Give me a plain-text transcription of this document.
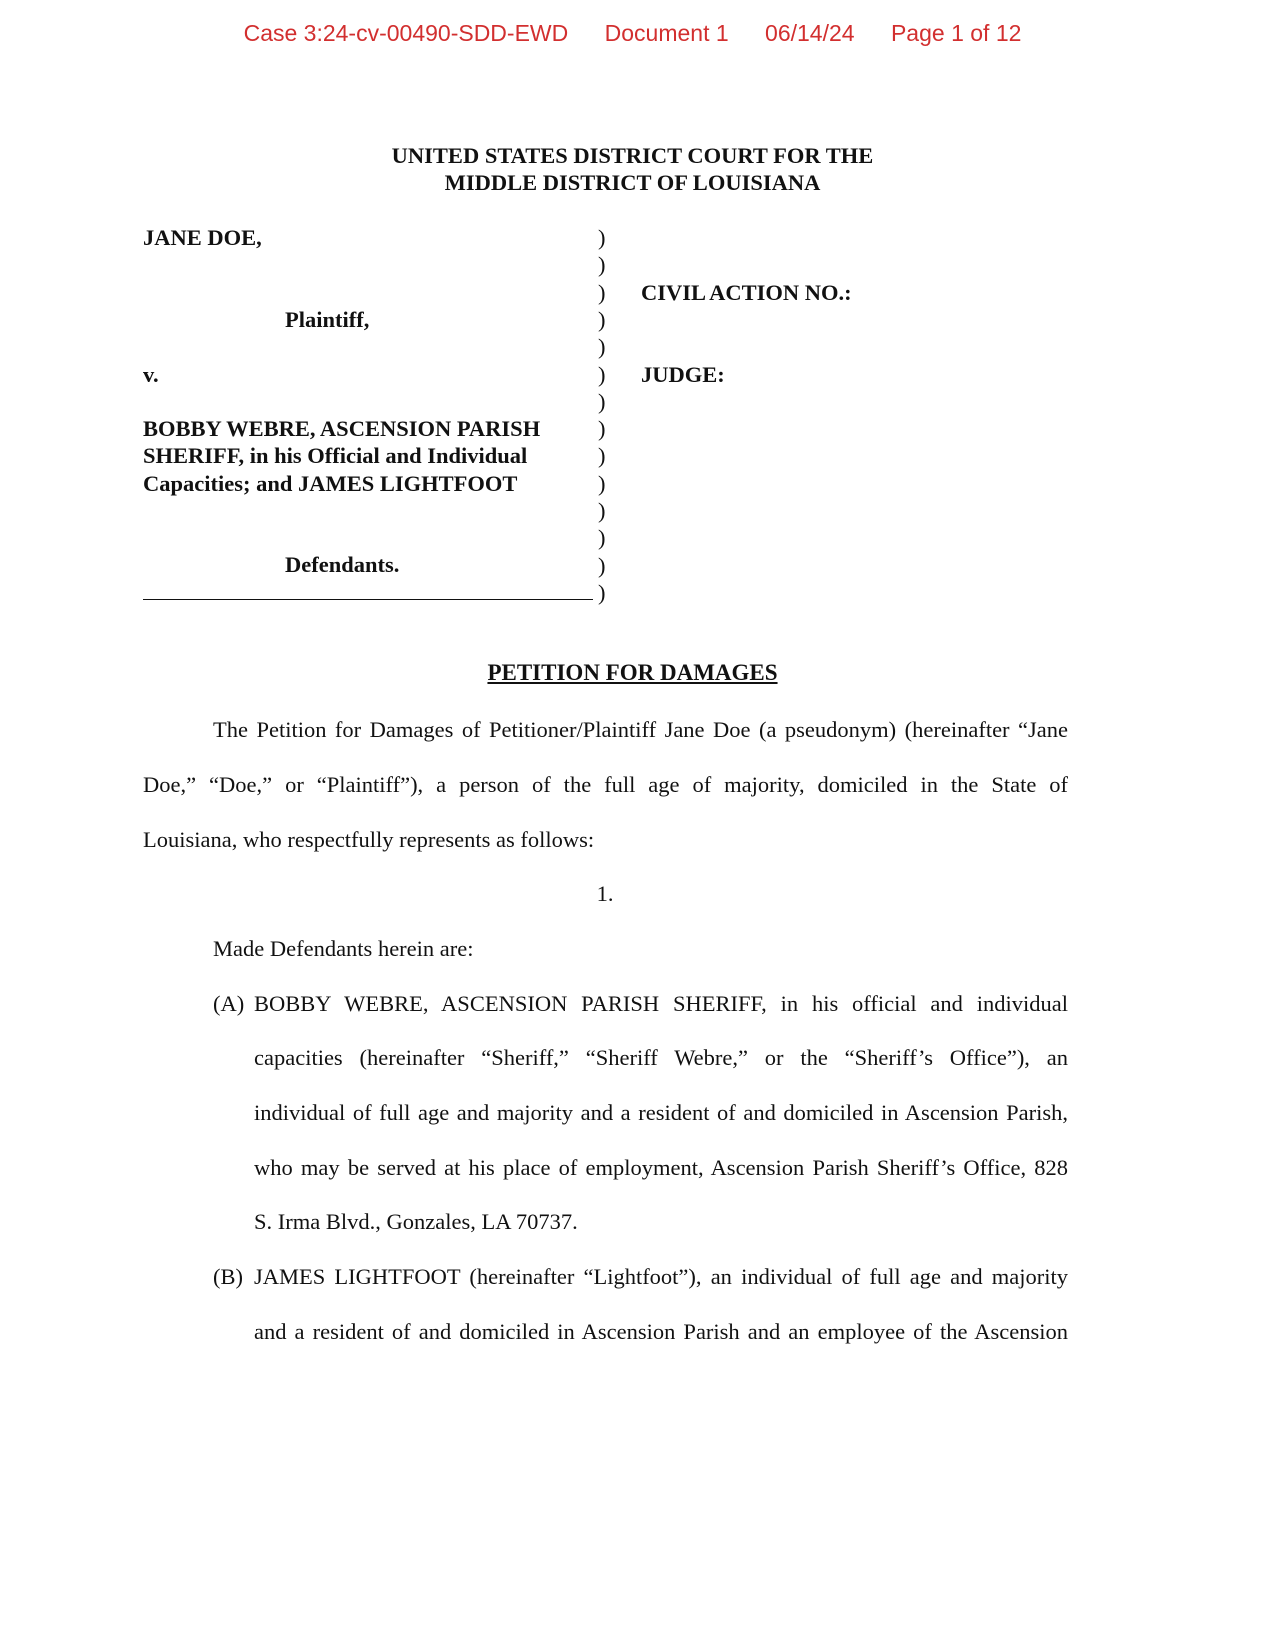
Case 3:24-cv-00490-SDD-EWD Document 1 06/14/24 Page 1 of 12
UNITED STATES DISTRICT COURT FOR THE
MIDDLE DISTRICT OF LOUISIANA
JANE DOE,
Plaintiff,
v.
BOBBY WEBRE, ASCENSION PARISH
SHERIFF, in his Official and Individual
Capacities; and JAMES LIGHTFOOT
Defendants.
CIVIL ACTION NO.:
JUDGE:
)
)
)
)
)
)
)
)
)
)
)
)
)
)
PETITION FOR DAMAGES
The Petition for Damages of Petitioner/Plaintiff Jane Doe (a pseudonym) (hereinafter “Jane
Doe,” “Doe,” or “Plaintiff”), a person of the full age of majority, domiciled in the State of
Louisiana, who respectfully represents as follows:
1.
Made Defendants herein are:
(A) BOBBY WEBRE, ASCENSION PARISH SHERIFF, in his official and individual
capacities (hereinafter “Sheriff,” “Sheriff Webre,” or the “Sheriff’s Office”), an
individual of full age and majority and a resident of and domiciled in Ascension Parish,
who may be served at his place of employment, Ascension Parish Sheriff’s Office, 828
S. Irma Blvd., Gonzales, LA 70737.
(B) JAMES LIGHTFOOT (hereinafter “Lightfoot”), an individual of full age and majority
and a resident of and domiciled in Ascension Parish and an employee of the Ascension
